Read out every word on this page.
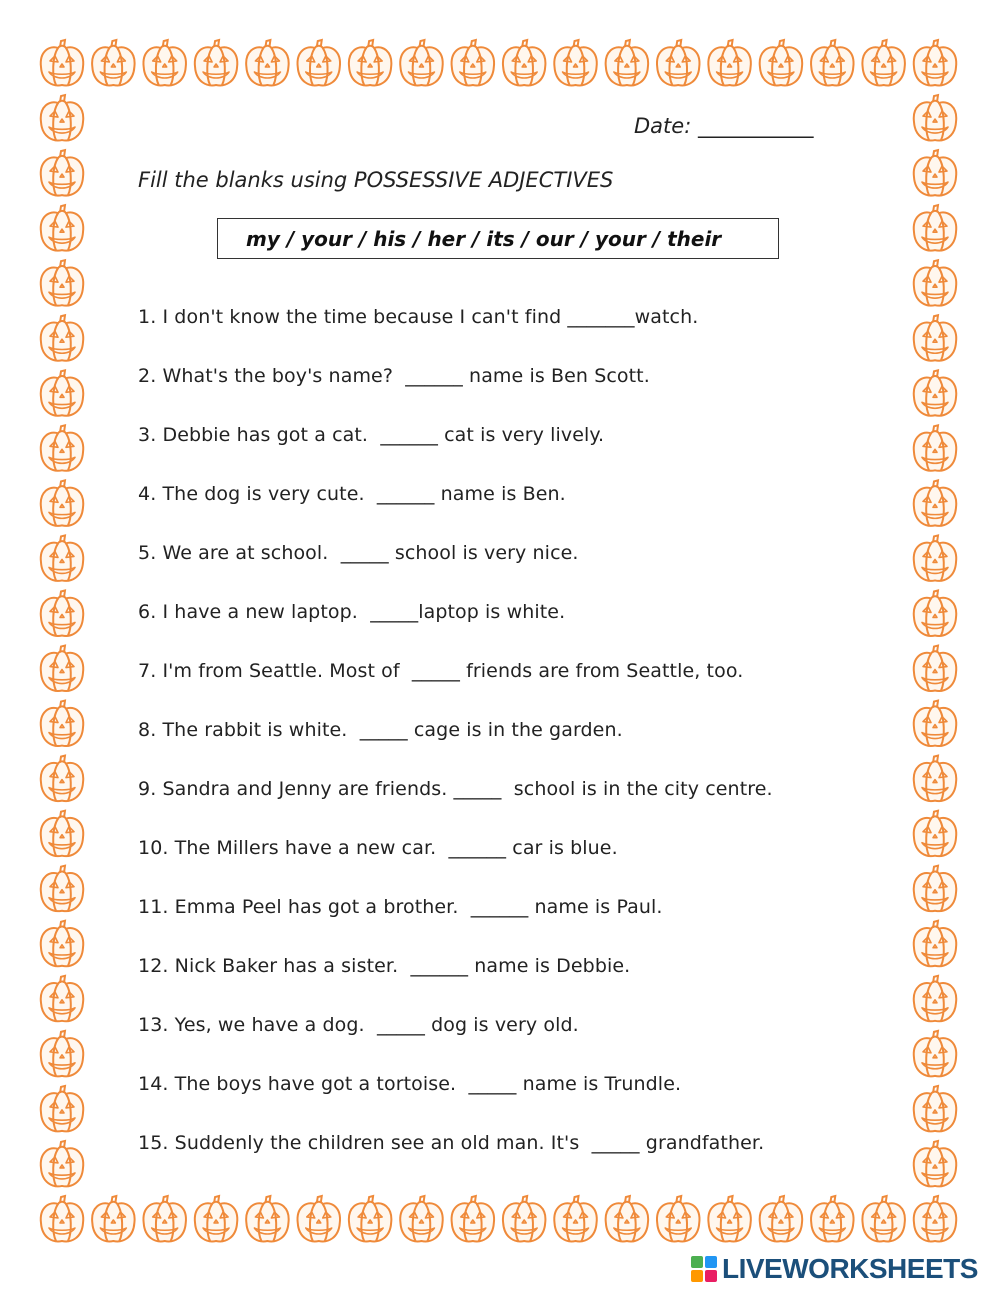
Date: ___________
Fill the blanks using POSSESSIVE ADJECTIVES
my / your / his / her / its / our / your / their
1. I don't know the time because I can't find _______watch.
2. What's the boy's name?  ______ name is Ben Scott.
3. Debbie has got a cat.  ______ cat is very lively.
4. The dog is very cute.  ______ name is Ben.
5. We are at school.  _____ school is very nice.
6. I have a new laptop.  _____laptop is white.
7. I'm from Seattle. Most of  _____ friends are from Seattle, too.
8. The rabbit is white.  _____ cage is in the garden.
9. Sandra and Jenny are friends. _____  school is in the city centre.
10. The Millers have a new car.  ______ car is blue.
11. Emma Peel has got a brother.  ______ name is Paul.
12. Nick Baker has a sister.  ______ name is Debbie.
13. Yes, we have a dog.  _____ dog is very old.
14. The boys have got a tortoise.  _____ name is Trundle.
15. Suddenly the children see an old man. It's  _____ grandfather.
LIVEWORKSHEETS
